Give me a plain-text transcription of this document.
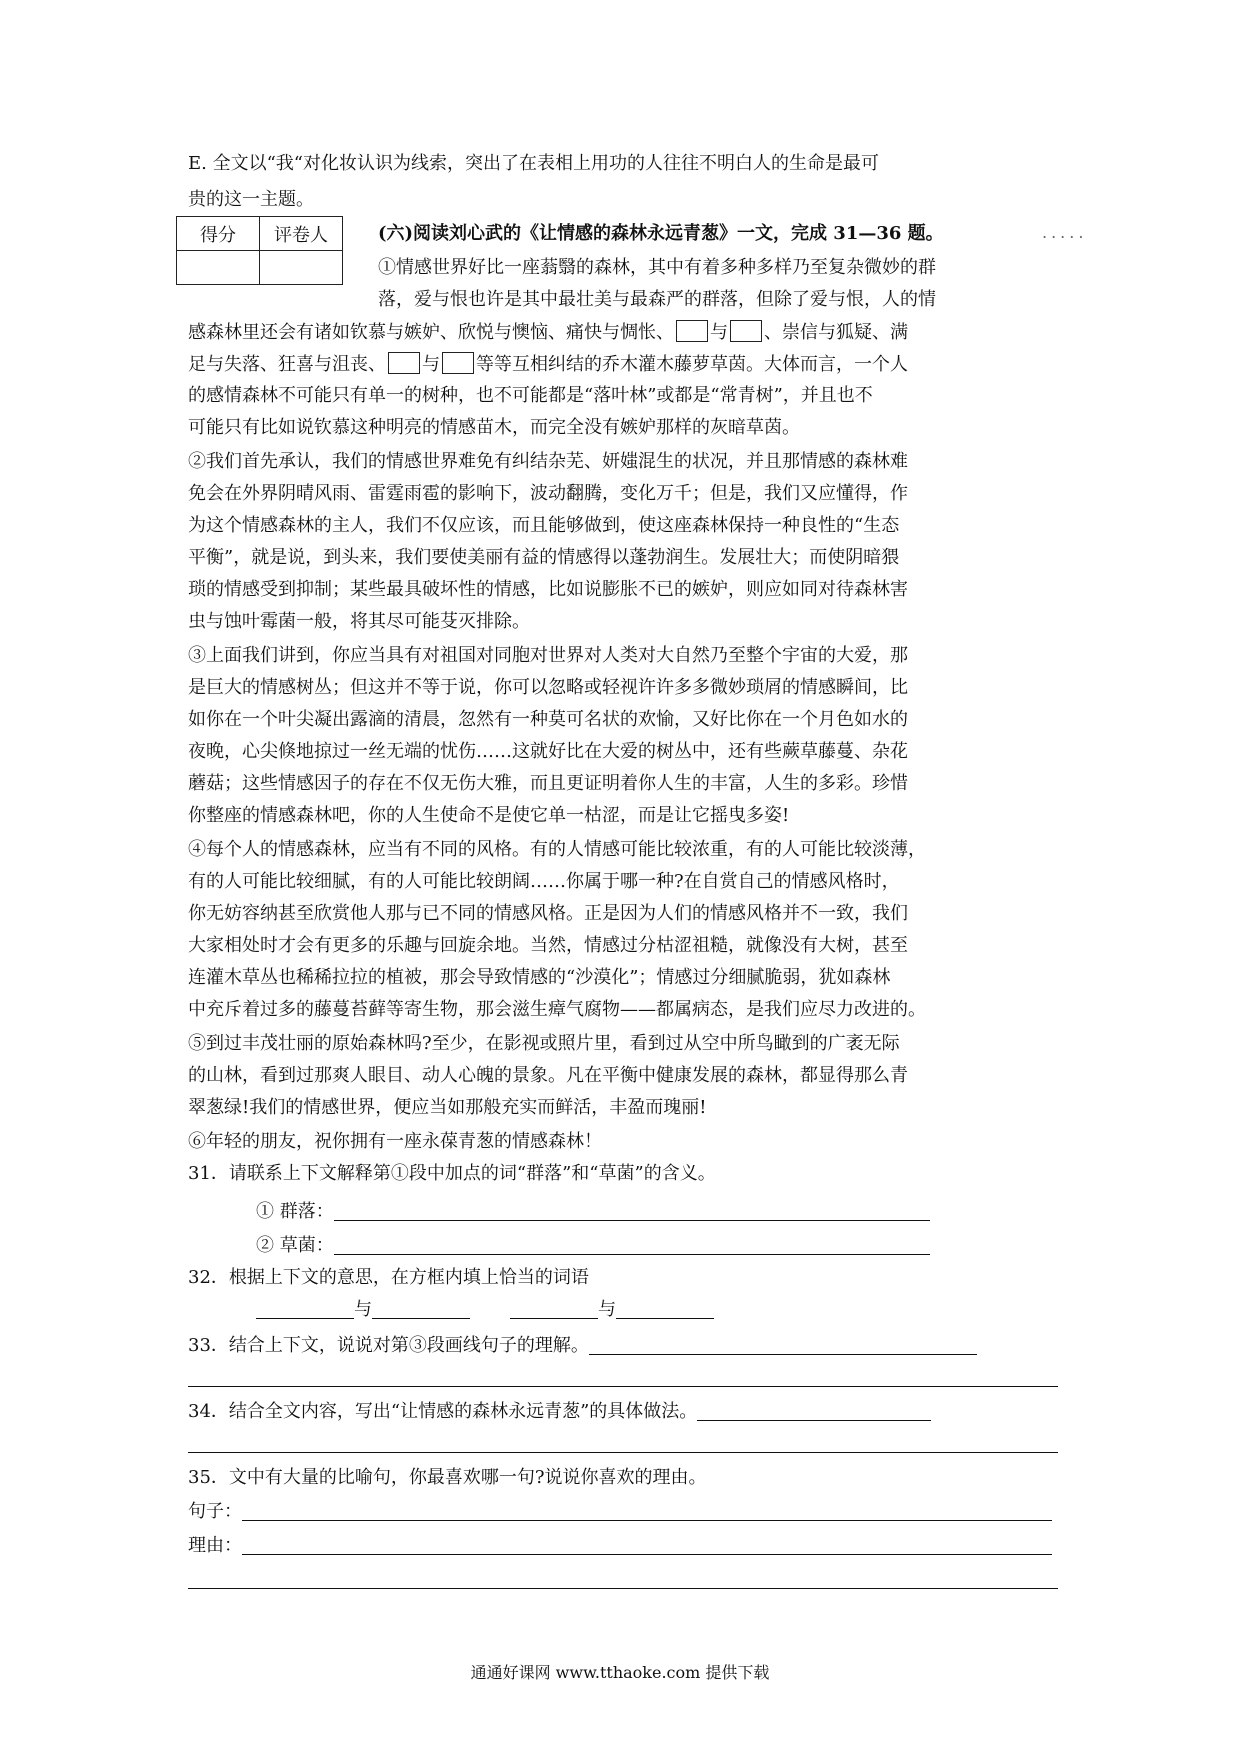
E. 全文以“我“对化妆认识为线索，突出了在表相上用功的人往往不明白人的生命是最可
贵的这一主题。
得分	评卷人
		(六)阅读刘心武的《让情感的森林永远青葱》一文，完成 31—36 题。	.....
①情感世界好比一座蓊翳的森林，其中有着多种多样乃至复杂微妙的群
落，爱与恨也许是其中最壮美与最森严的群落，但除了爱与恨，人的情
感森林里还会有诸如钦慕与嫉妒、欣悦与懊恼、痛快与惆怅、 与 、崇信与狐疑、满
足与失落、狂喜与沮丧、 与 等等互相纠结的乔木灌木藤萝草茵。大体而言，一个人
的感情森林不可能只有单一的树种，也不可能都是“落叶林”或都是“常青树”，并且也不
可能只有比如说钦慕这种明亮的情感苗木，而完全没有嫉妒那样的灰暗草茵。
②我们首先承认，我们的情感世界难免有纠结杂芜、妍媸混生的状况，并且那情感的森林难
免会在外界阴晴风雨、雷霆雨雹的影响下，波动翻腾，变化万千；但是，我们又应懂得，作
为这个情感森林的主人，我们不仅应该，而且能够做到，使这座森林保持一种良性的“生态
平衡”，就是说，到头来，我们要使美丽有益的情感得以蓬勃润生。发展壮大；而使阴暗猥
琐的情感受到抑制；某些最具破坏性的情感，比如说膨胀不已的嫉妒，则应如同对待森林害
虫与蚀叶霉菌一般，将其尽可能芟灭排除。
③上面我们讲到，你应当具有对祖国对同胞对世界对人类对大自然乃至整个宇宙的大爱，那
是巨大的情感树丛；但这并不等于说，你可以忽略或轻视许许多多微妙琐屑的情感瞬间，比
如你在一个叶尖凝出露滴的清晨，忽然有一种莫可名状的欢愉，又好比你在一个月色如水的
夜晚，心尖倏地掠过一丝无端的忧伤……这就好比在大爱的树丛中，还有些蕨草藤蔓、杂花
蘑菇；这些情感因子的存在不仅无伤大雅，而且更证明着你人生的丰富，人生的多彩。珍惜
你整座的情感森林吧，你的人生使命不是使它单一枯涩，而是让它摇曳多姿!
④每个人的情感森林，应当有不同的风格。有的人情感可能比较浓重，有的人可能比较淡薄，
有的人可能比较细腻，有的人可能比较朗阔……你属于哪一种?在自赏自己的情感风格时，
你无妨容纳甚至欣赏他人那与已不同的情感风格。正是因为人们的情感风格并不一致，我们
大家相处时才会有更多的乐趣与回旋余地。当然，情感过分枯涩祖糙，就像没有大树，甚至
连灌木草丛也稀稀拉拉的植被，那会导致情感的“沙漠化”；情感过分细腻脆弱，犹如森林
中充斥着过多的藤蔓苔藓等寄生物，那会滋生瘴气腐物——都属病态，是我们应尽力改进的。
⑤到过丰茂壮丽的原始森林吗?至少，在影视或照片里，看到过从空中所鸟瞰到的广袤无际
的山林，看到过那爽人眼目、动人心魄的景象。凡在平衡中健康发展的森林，都显得那么青
翠葱绿!我们的情感世界，便应当如那般充实而鲜活，丰盈而瑰丽!
⑥年轻的朋友，祝你拥有一座永葆青葱的情感森林！
31．请联系上下文解释第①段中加点的词“群落”和“草菌”的含义。
① 群落：
② 草菌：
32．根据上下文的意思，在方框内填上恰当的词语
与	与
33．结合上下文，说说对第③段画线句子的理解。
34．结合全文内容，写出“让情感的森林永远青葱”的具体做法。
35．文中有大量的比喻句，你最喜欢哪一句?说说你喜欢的理由。
句子：
理由：
通通好课网 www.tthaoke.com 提供下载
